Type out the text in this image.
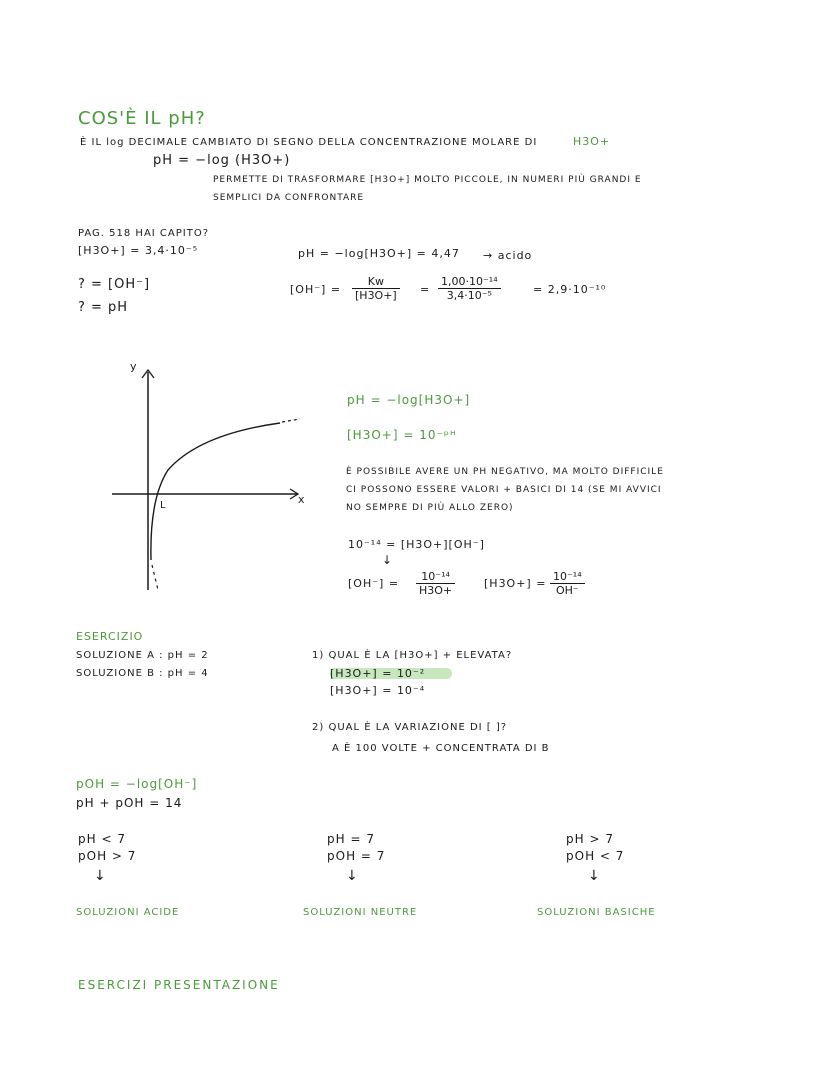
COS'È IL pH?
È IL log DECIMALE CAMBIATO DI SEGNO DELLA CONCENTRAZIONE MOLARE DI	H3O+
pH = −log (H3O+)
PERMETTE DI TRASFORMARE [H3O+] MOLTO PICCOLE, IN NUMERI PIÙ GRANDI E
SEMPLICI DA CONFRONTARE
PAG. 518 HAI CAPITO?
[H3O+] = 3,4·10⁻⁵
? = [OH⁻]
? = pH
pH = −log[H3O+] = 4,47 → acido
$[OH^-] = \frac{Kw}{[H3O+]} = \frac{\text{1,00·10⁻¹⁴}}{\text{3,4·10⁻⁵}}$	= 2,9·10⁻¹⁰
y
x
L
pH = −log[H3O+]
[H3O+] = 10⁻ᵖᴴ
È POSSIBILE AVERE UN PH NEGATIVO, MA MOLTO DIFFICILE
CI POSSONO ESSERE VALORI + BASICI DI 14 (SE MI AVVICI
NO SEMPRE DI PIÙ ALLO ZERO)
10⁻¹⁴ = [H3O+][OH⁻]
↓
$[OH^-] = \frac{\text{10⁻¹⁴}}{H3O+}$	$[H3O+] = \frac{\text{10⁻¹⁴}}{OH^-}$
ESERCIZIO
SOLUZIONE A : pH = 2
SOLUZIONE B : pH = 4
1) QUAL È LA [H3O+] + ELEVATA?
[H3O+] = 10⁻²
[H3O+] = 10⁻⁴
2) QUAL È LA VARIAZIONE DI [ ]?
A È 100 VOLTE + CONCENTRATA DI B
pOH = −log[OH⁻]
pH + pOH = 14
pH < 7
pOH > 7
↓
SOLUZIONI ACIDE
pH = 7
pOH = 7
↓
SOLUZIONI NEUTRE
pH > 7
pOH < 7
↓
SOLUZIONI BASICHE
ESERCIZI PRESENTAZIONE
